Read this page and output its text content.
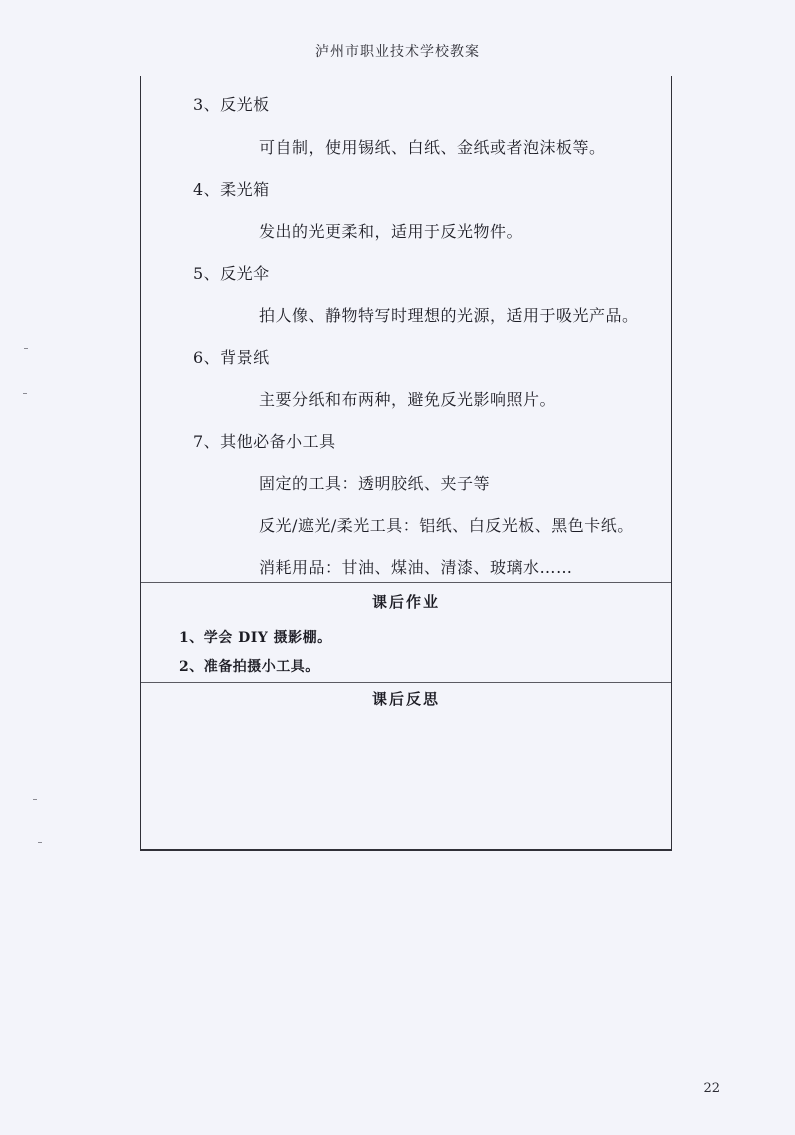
泸州市职业技术学校教案
3、反光板
可自制，使用锡纸、白纸、金纸或者泡沫板等。
4、柔光箱
发出的光更柔和，适用于反光物件。
5、反光伞
拍人像、静物特写时理想的光源，适用于吸光产品。
6、背景纸
主要分纸和布两种，避免反光影响照片。
7、其他必备小工具
固定的工具：透明胶纸、夹子等
反光/遮光/柔光工具：铝纸、白反光板、黑色卡纸。
消耗用品：甘油、煤油、清漆、玻璃水……
课后作业
1、学会 DIY 摄影棚。
2、准备拍摄小工具。
课后反思
22
